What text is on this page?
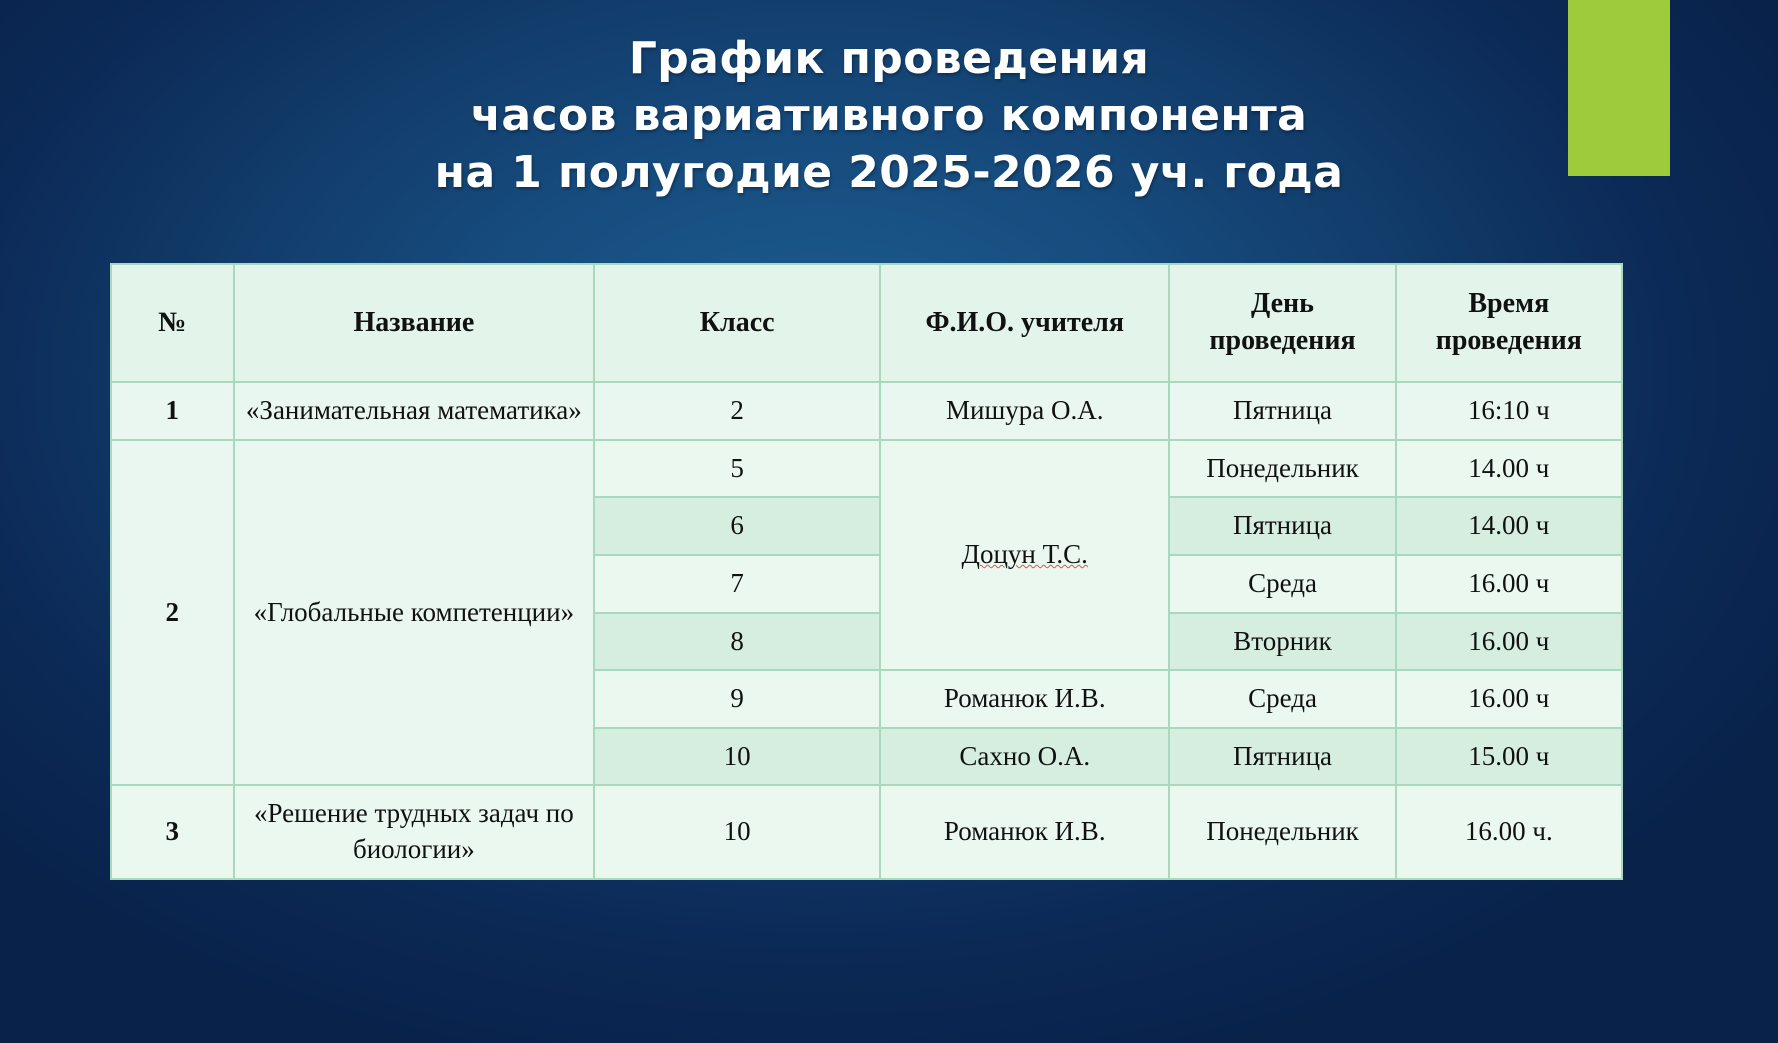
График проведения
часов вариативного компонента
на 1 полугодие 2025-2026 уч. года
№	Название	Класс	Ф.И.О. учителя	День проведения	Время проведения
1	«Занимательная математика»	2	Мишура О.А.	Пятница	16:10 ч
2	«Глобальные компетенции»	5	Доцун Т.С.	Понедельник	14.00 ч
		6		Пятница	14.00 ч
		7		Среда	16.00 ч
		8		Вторник	16.00 ч
		9	Романюк И.В.	Среда	16.00 ч
		10	Сахно О.А.	Пятница	15.00 ч
3	«Решение трудных задач по биологии»	10	Романюк И.В.	Понедельник	16.00 ч.
